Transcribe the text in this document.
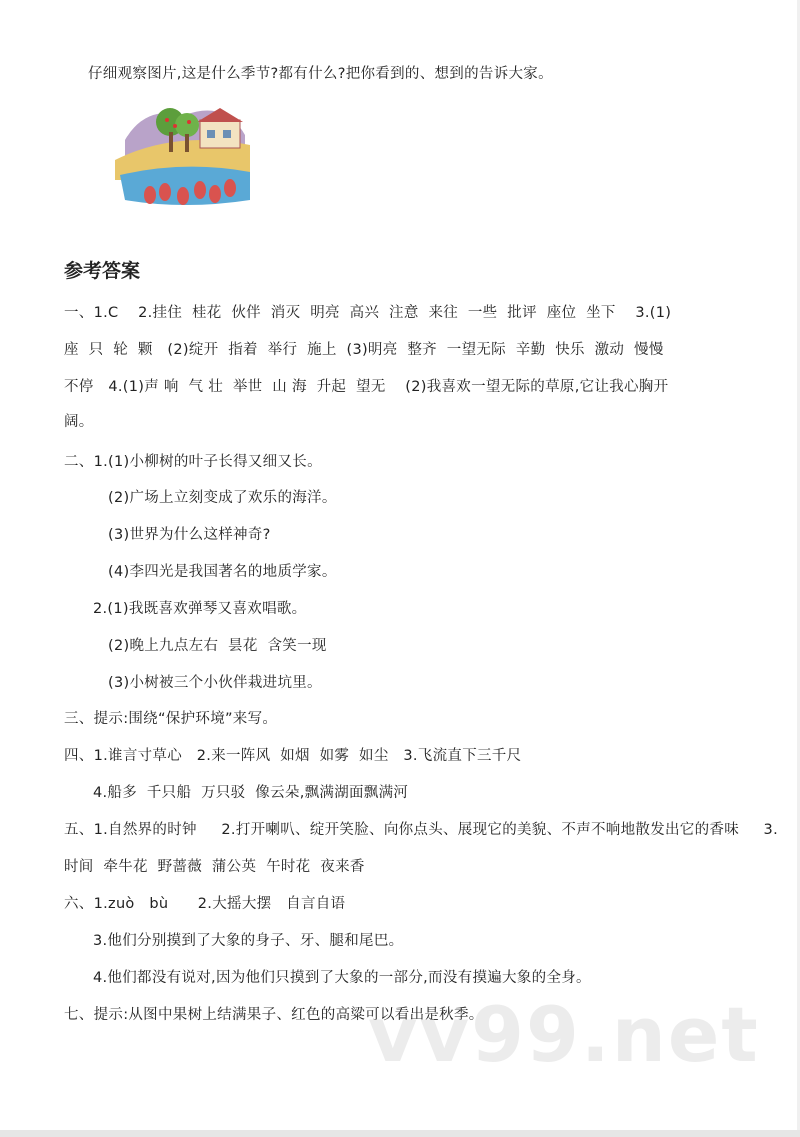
仔细观察图片,这是什么季节?都有什么?把你看到的、想到的告诉大家。
参考答案
一、1.C    2.挂住  桂花  伙伴  消灭  明亮  高兴  注意  来往  一些  批评  座位  坐下    3.(1)
座  只  轮  颗   (2)绽开  指着  举行  施上  (3)明亮  整齐  一望无际  辛勤  快乐  激动  慢慢
不停   4.(1)声 响  气 壮  举世  山 海  升起  望无    (2)我喜欢一望无际的草原,它让我心胸开
阔。
二、1.(1)小柳树的叶子长得又细又长。
(2)广场上立刻变成了欢乐的海洋。
(3)世界为什么这样神奇?
(4)李四光是我国著名的地质学家。
2.(1)我既喜欢弹琴又喜欢唱歌。
(2)晚上九点左右  昙花  含笑一现
(3)小树被三个小伙伴栽进坑里。
三、提示:围绕“保护环境”来写。
四、1.谁言寸草心   2.来一阵风  如烟  如雾  如尘   3.飞流直下三千尺
4.船多  千只船  万只驳  像云朵,飘满湖面飘满河
五、1.自然界的时钟     2.打开喇叭、绽开笑脸、向你点头、展现它的美貌、不声不响地散发出它的香味     3.
时间  牵牛花  野蔷薇  蒲公英  午时花  夜来香
六、1.zuò   bù      2.大摇大摆   自言自语
3.他们分别摸到了大象的身子、牙、腿和尾巴。
4.他们都没有说对,因为他们只摸到了大象的一部分,而没有摸遍大象的全身。
七、提示:从图中果树上结满果子、红色的高粱可以看出是秋季。
vv99.net
